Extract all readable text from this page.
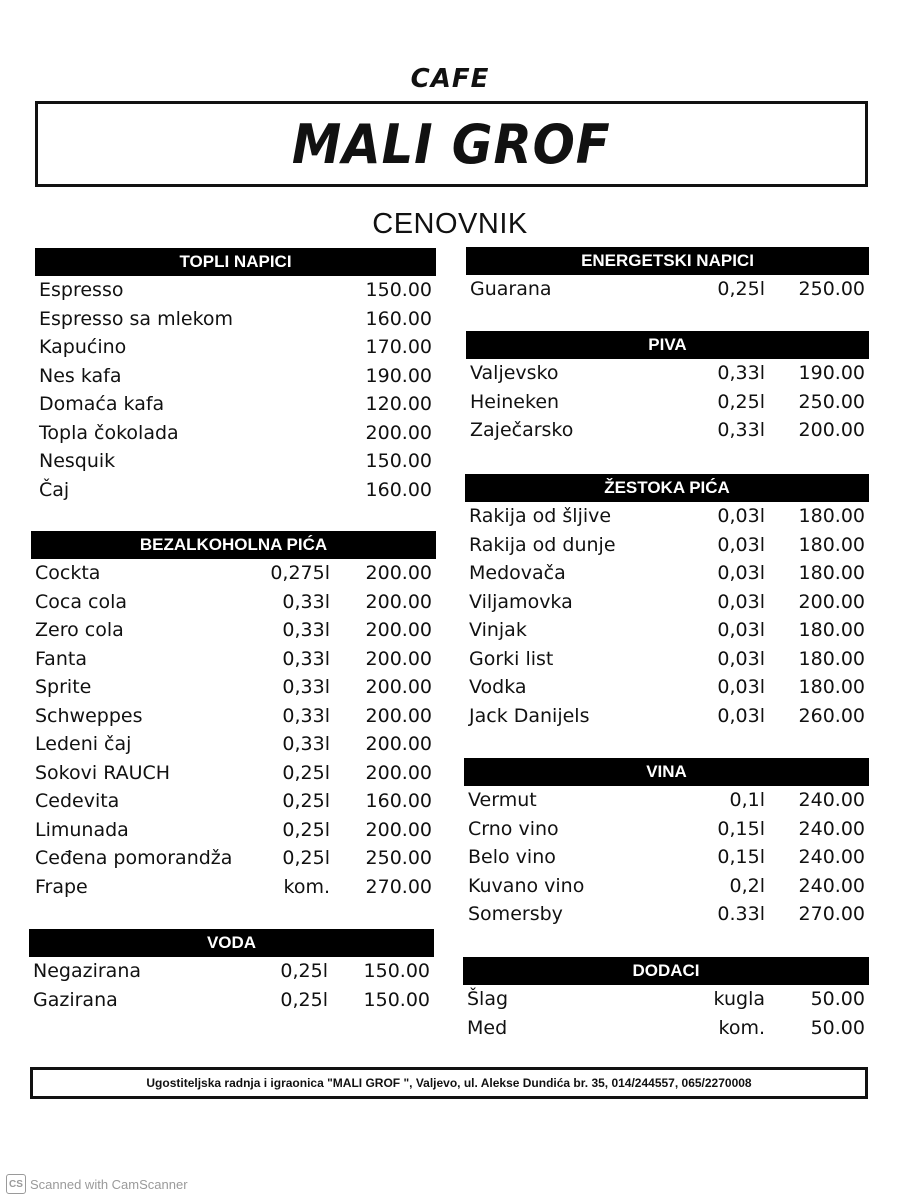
CAFE
MALI GROF
CENOVNIK
TOPLI NAPICI
Espresso	150.00
Espresso sa mlekom	160.00
Kapućino	170.00
Nes kafa	190.00
Domaća kafa	120.00
Topla čokolada	200.00
Nesquik	150.00
Čaj	160.00
BEZALKOHOLNA PIĆA
Cockta	0,275l 200.00
Coca cola	0,33l 200.00
Zero cola	0,33l 200.00
Fanta	0,33l 200.00
Sprite	0,33l 200.00
Schweppes	0,33l 200.00
Ledeni čaj	0,33l 200.00
Sokovi RAUCH	0,25l 200.00
Cedevita	0,25l 160.00
Limunada	0,25l 200.00
Ceđena pomorandža	0,25l 250.00
Frape	kom. 270.00
VODA
Negazirana	0,25l 150.00
Gazirana	0,25l 150.00
ENERGETSKI NAPICI
Guarana	0,25l 250.00
PIVA
Valjevsko	0,33l 190.00
Heineken	0,25l 250.00
Zaječarsko	0,33l 200.00
ŽESTOKA PIĆA
Rakija od šljive	0,03l 180.00
Rakija od dunje	0,03l 180.00
Medovača	0,03l 180.00
Viljamovka	0,03l 200.00
Vinjak	0,03l 180.00
Gorki list	0,03l 180.00
Vodka	0,03l 180.00
Jack Danijels	0,03l 260.00
VINA
Vermut	0,1l 240.00
Crno vino	0,15l 240.00
Belo vino	0,15l 240.00
Kuvano vino	0,2l 240.00
Somersby	0.33l 270.00
DODACI
Šlag	kugla 50.00
Med	kom. 50.00
Ugostiteljska radnja i igraonica "MALI GROF ", Valjevo, ul. Alekse Dundića br. 35, 014/244557, 065/2270008
CS Scanned with CamScanner
